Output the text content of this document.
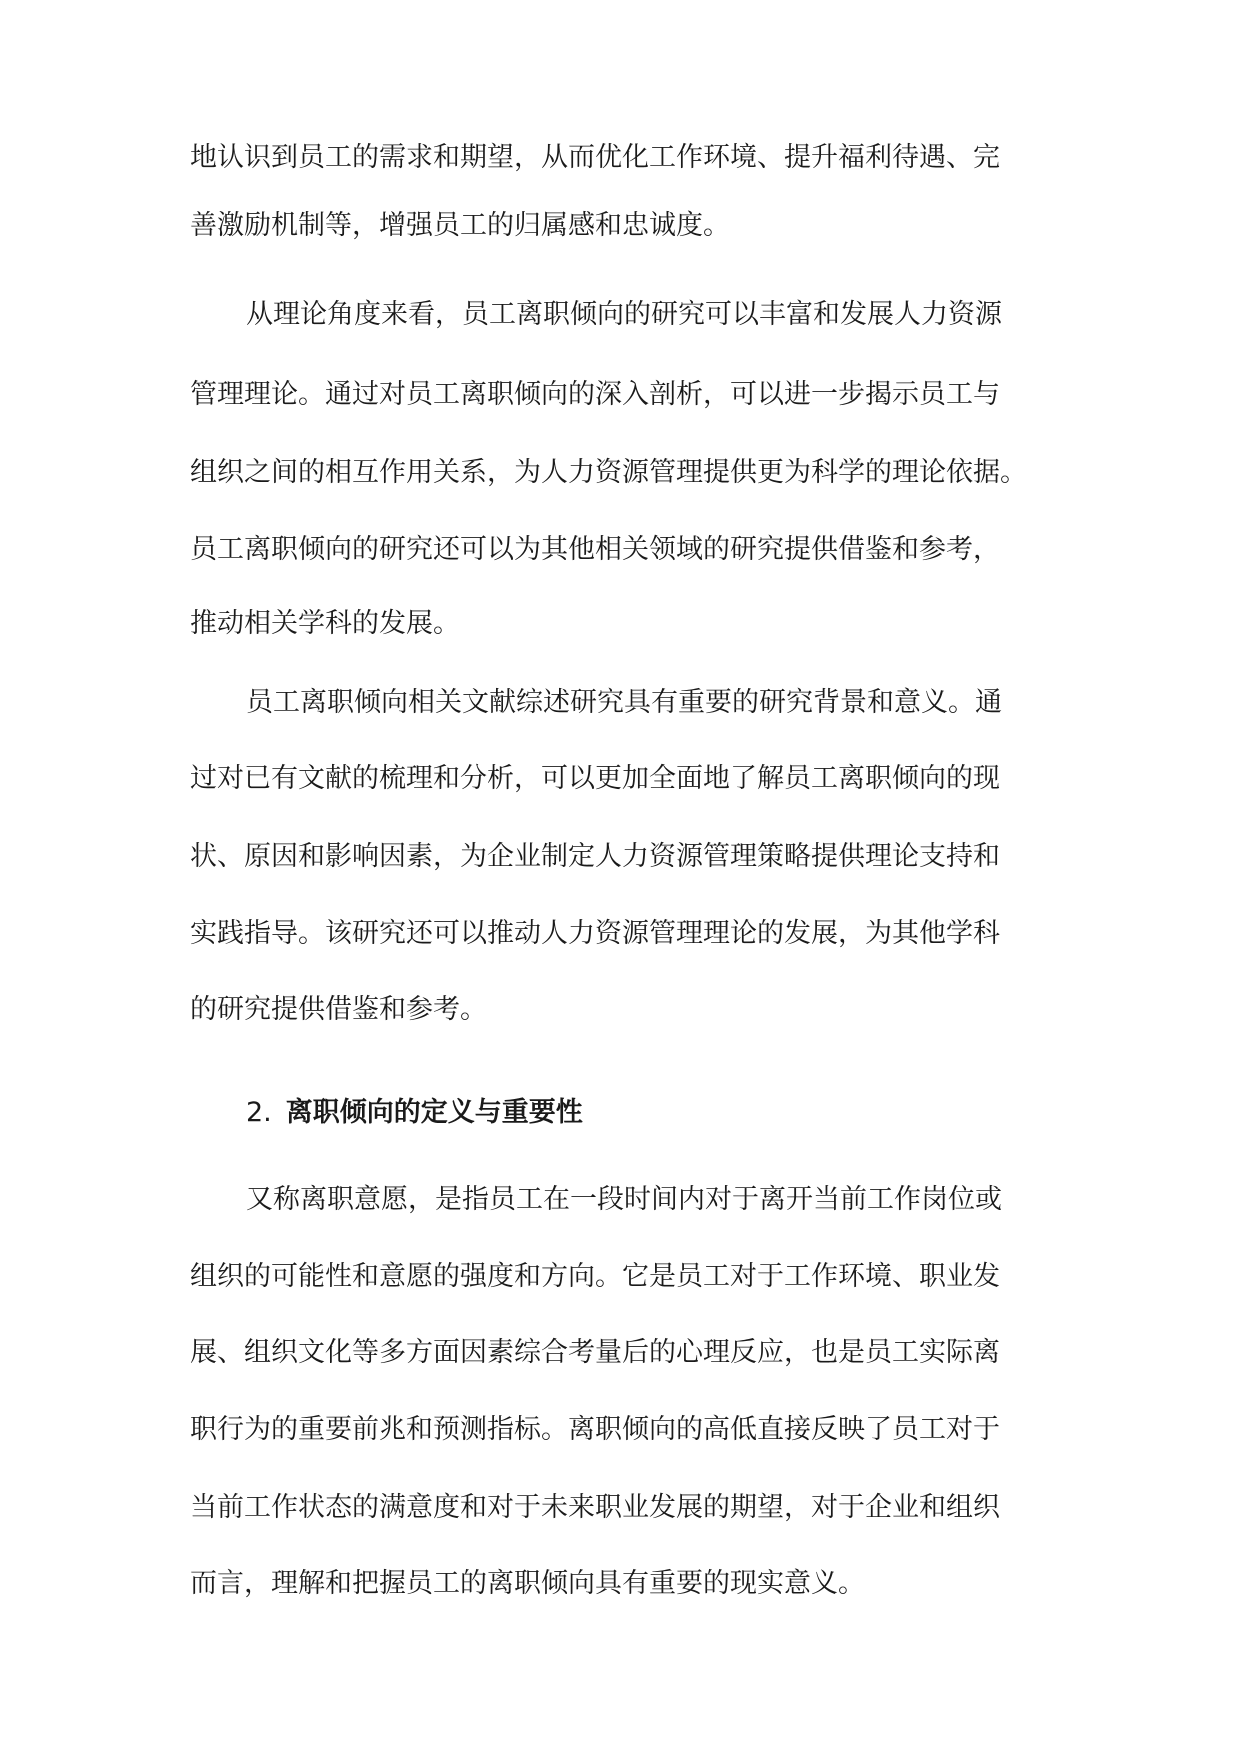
地认识到员工的需求和期望，从而优化工作环境、提升福利待遇、完

善激励机制等，增强员工的归属感和忠诚度。

从理论角度来看，员工离职倾向的研究可以丰富和发展人力资源

管理理论。通过对员工离职倾向的深入剖析，可以进一步揭示员工与

组织之间的相互作用关系，为人力资源管理提供更为科学的理论依据。

员工离职倾向的研究还可以为其他相关领域的研究提供借鉴和参考，

推动相关学科的发展。

员工离职倾向相关文献综述研究具有重要的研究背景和意义。通

过对已有文献的梳理和分析，可以更加全面地了解员工离职倾向的现

状、原因和影响因素，为企业制定人力资源管理策略提供理论支持和

实践指导。该研究还可以推动人力资源管理理论的发展，为其他学科

的研究提供借鉴和参考。

2. 离职倾向的定义与重要性

又称离职意愿，是指员工在一段时间内对于离开当前工作岗位或

组织的可能性和意愿的强度和方向。它是员工对于工作环境、职业发

展、组织文化等多方面因素综合考量后的心理反应，也是员工实际离

职行为的重要前兆和预测指标。离职倾向的高低直接反映了员工对于

当前工作状态的满意度和对于未来职业发展的期望，对于企业和组织

而言，理解和把握员工的离职倾向具有重要的现实意义。
